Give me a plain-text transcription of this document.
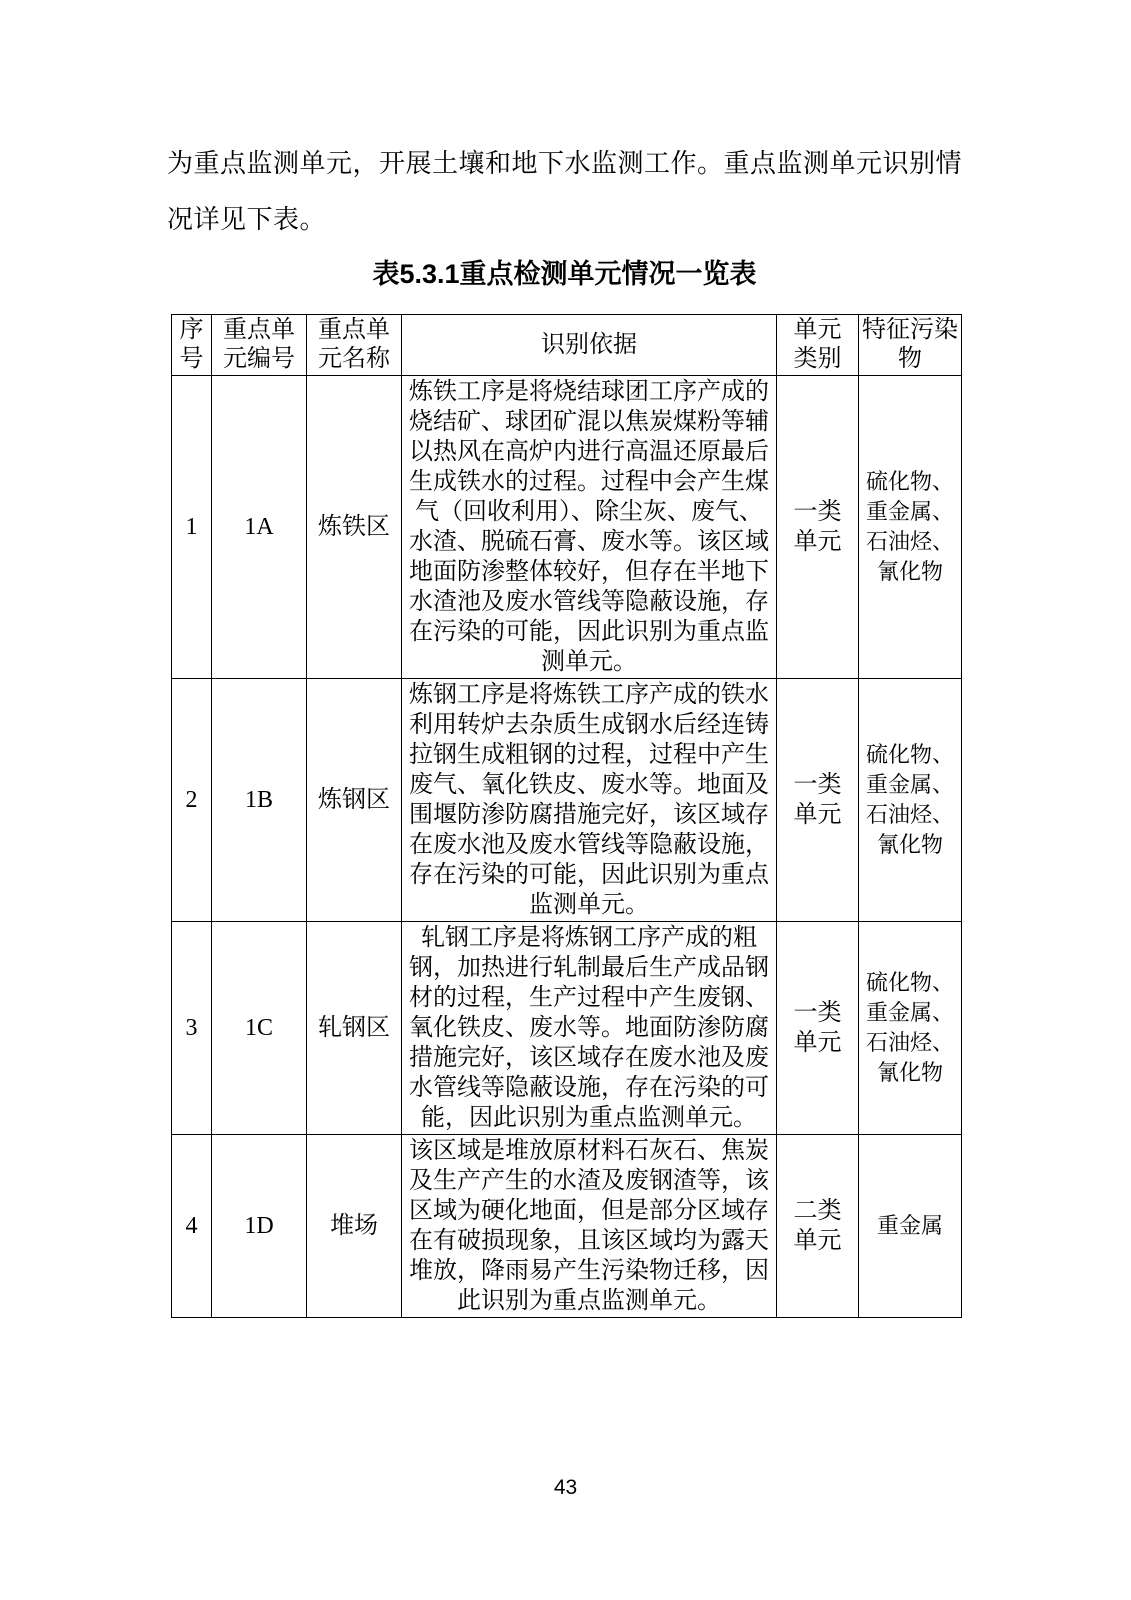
为重点监测单元，开展土壤和地下水监测工作。重点监测单元识别情况详见下表。

表5.3.1重点检测单元情况一览表
序号	重点单元编号	重点单元名称	识别依据	单元类别	特征污染物
1	1A	炼铁区	炼铁工序是将烧结球团工序产成的烧结矿、球团矿混以焦炭煤粉等辅以热风在高炉内进行高温还原最后生成铁水的过程。过程中会产生煤气（回收利用）、除尘灰、废气、水渣、脱硫石膏、废水等。该区域地面防渗整体较好，但存在半地下水渣池及废水管线等隐蔽设施，存在污染的可能，因此识别为重点监测单元。	一类单元	硫化物、重金属、石油烃、氰化物
2	1B	炼钢区	炼钢工序是将炼铁工序产成的铁水利用转炉去杂质生成钢水后经连铸拉钢生成粗钢的过程，过程中产生废气、氧化铁皮、废水等。地面及围堰防渗防腐措施完好，该区域存在废水池及废水管线等隐蔽设施，存在污染的可能，因此识别为重点监测单元。	一类单元	硫化物、重金属、石油烃、氰化物
3	1C	轧钢区	轧钢工序是将炼钢工序产成的粗钢，加热进行轧制最后生产成品钢材的过程，生产过程中产生废钢、氧化铁皮、废水等。地面防渗防腐措施完好，该区域存在废水池及废水管线等隐蔽设施，存在污染的可能，因此识别为重点监测单元。	一类单元	硫化物、重金属、石油烃、氰化物
4	1D	堆场	该区域是堆放原材料石灰石、焦炭及生产产生的水渣及废钢渣等，该区域为硬化地面，但是部分区域存在有破损现象，且该区域均为露天堆放，降雨易产生污染物迁移，因此识别为重点监测单元。	二类单元	重金属
43
